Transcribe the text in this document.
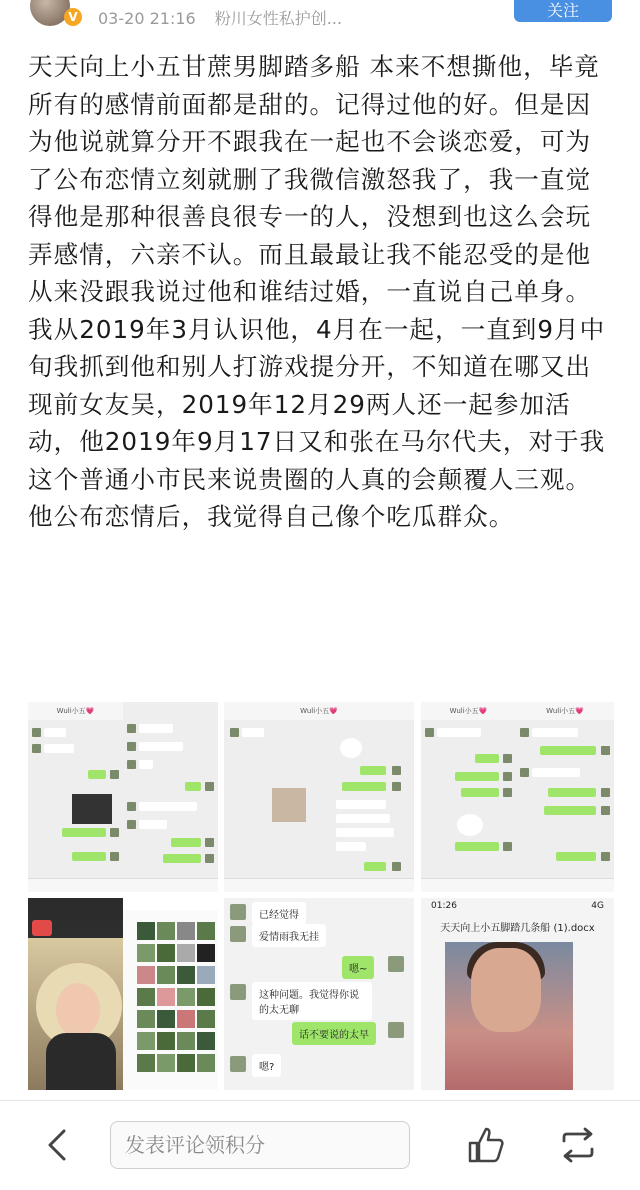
V 03-20 21:16 粉川女性私护创...	关注
天天向上小五甘蔗男脚踏多船 本来不想撕他，毕竟所有的感情前面都是甜的。记得过他的好。但是因为他说就算分开不跟我在一起也不会谈恋爱，可为了公布恋情立刻就删了我微信激怒我了，我一直觉得他是那种很善良很专一的人，没想到也这么会玩弄感情，六亲不认。而且最最让我不能忍受的是他从来没跟我说过他和谁结过婚，一直说自己单身。我从2019年3月认识他，4月在一起，一直到9月中旬我抓到他和别人打游戏提分开，不知道在哪又出现前女友吴，2019年12月29两人还一起参加活动，他2019年9月17日又和张在马尔代夫，对于我这个普通小市民来说贵圈的人真的会颠覆人三观。他公布恋情后，我觉得自己像个吃瓜群众。
Wuli小五💗	Wuli小五💗	Wuli小五💗	Wuli小五💗
已经觉得
爱情雨我无挂
嗯~
这种问题。我觉得你说的太无聊
话不要说的太早
嗯?
01:26	4G
天天向上小五脚踏几条船 (1).docx
发表评论领积分
